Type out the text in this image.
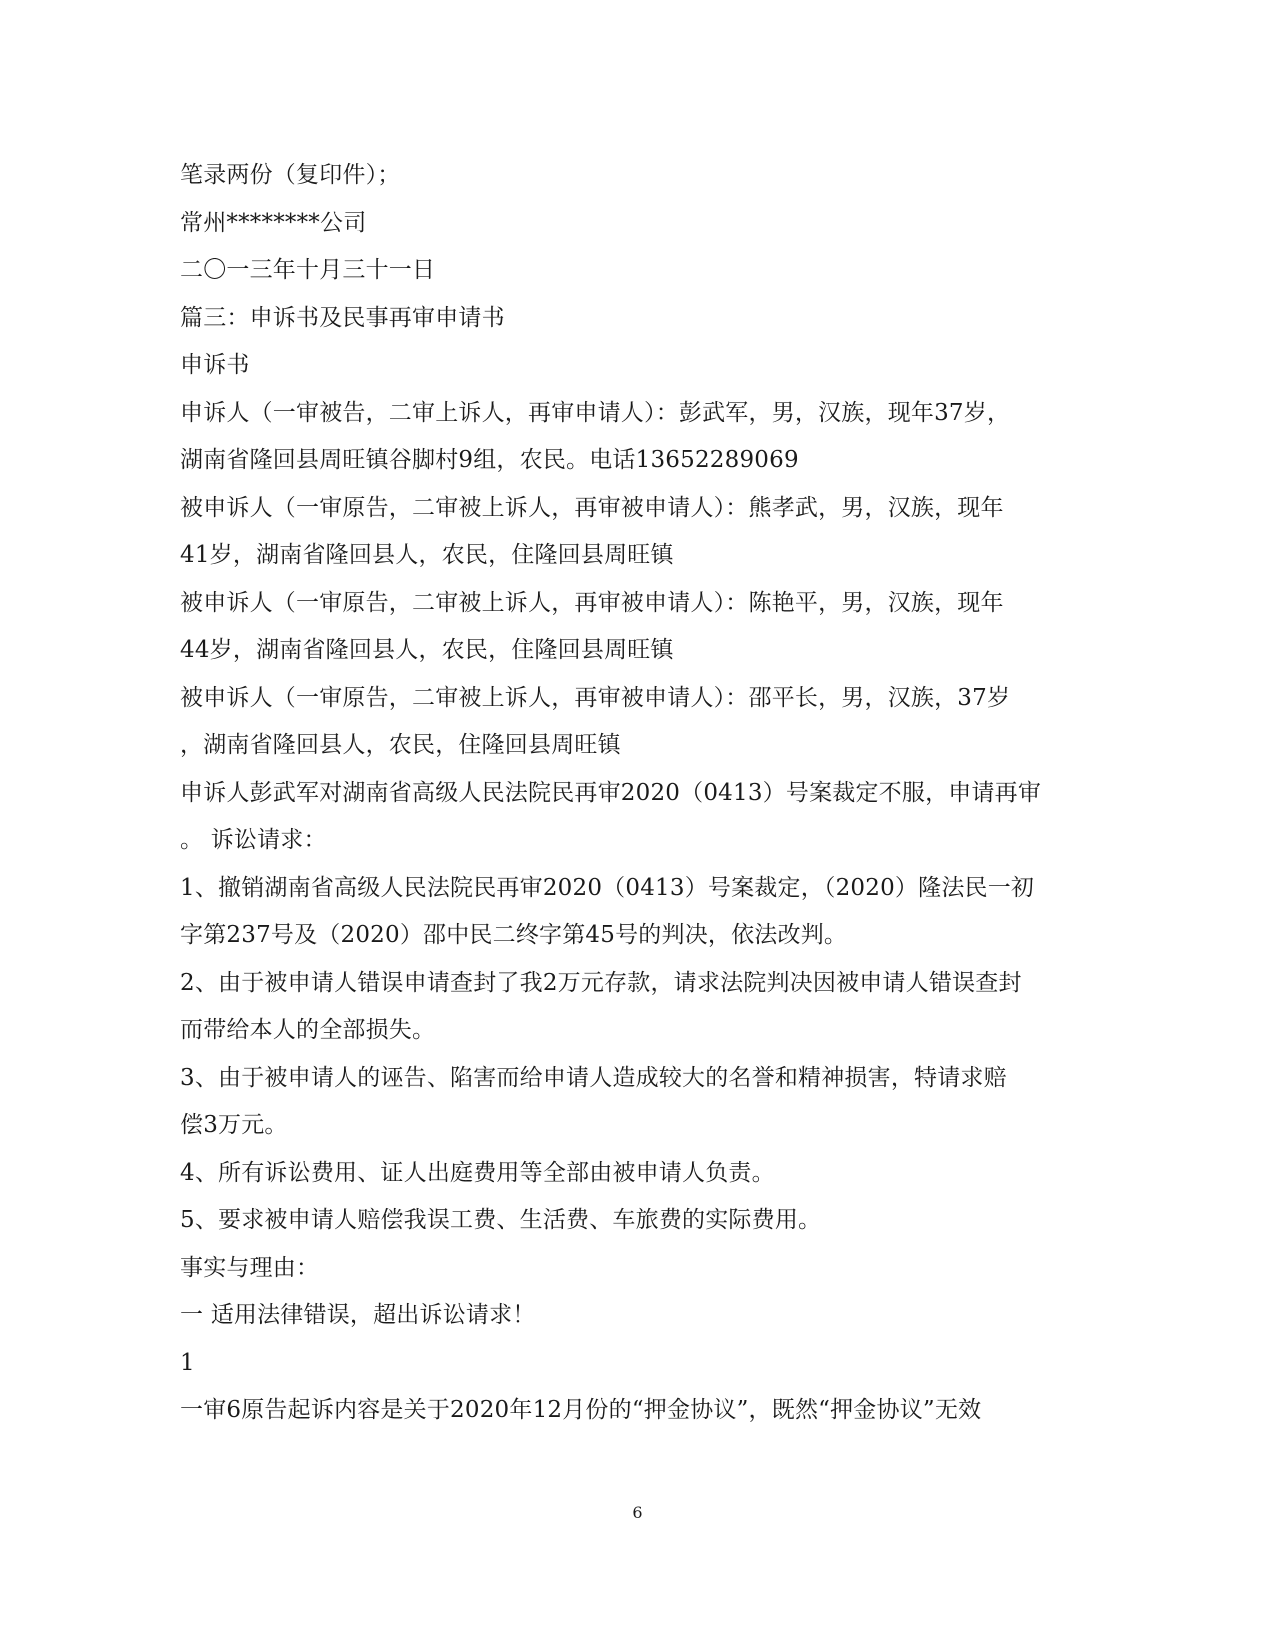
笔录两份（复印件）；
常州********公司
二〇一三年十月三十一日
篇三：申诉书及民事再审申请书
申诉书
申诉人（一审被告，二审上诉人，再审申请人）：彭武军，男，汉族，现年37岁，
湖南省隆回县周旺镇谷脚村9组，农民。电话13652289069
被申诉人（一审原告，二审被上诉人，再审被申请人）：熊孝武，男，汉族，现年
41岁，湖南省隆回县人，农民，住隆回县周旺镇
被申诉人（一审原告，二审被上诉人，再审被申请人）：陈艳平，男，汉族，现年
44岁，湖南省隆回县人，农民，住隆回县周旺镇
被申诉人（一审原告，二审被上诉人，再审被申请人）：邵平长，男，汉族，37岁
，湖南省隆回县人，农民，住隆回县周旺镇
申诉人彭武军对湖南省高级人民法院民再审2020（0413）号案裁定不服，申请再审
。 诉讼请求：
1、撤销湖南省高级人民法院民再审2020（0413）号案裁定，（2020）隆法民一初
字第237号及（2020）邵中民二终字第45号的判决，依法改判。
2、由于被申请人错误申请查封了我2万元存款，请求法院判决因被申请人错误查封
而带给本人的全部损失。
3、由于被申请人的诬告、陷害而给申请人造成较大的名誉和精神损害，特请求赔
偿3万元。
4、所有诉讼费用、证人出庭费用等全部由被申请人负责。
5、要求被申请人赔偿我误工费、生活费、车旅费的实际费用。
事实与理由：
一 适用法律错误，超出诉讼请求！
1
一审6原告起诉内容是关于2020年12月份的“押金协议”，既然“押金协议”无效
6
